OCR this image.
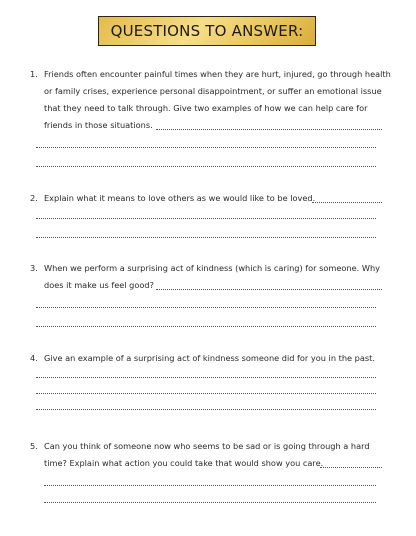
QUESTIONS TO ANSWER:
1. Friends often encounter painful times when they are hurt, injured, go through health
or family crises, experience personal disappointment, or suffer an emotional issue
that they need to talk through. Give two examples of how we can help care for
friends in those situations.
2. Explain what it means to love others as we would like to be loved.
3. When we perform a surprising act of kindness (which is caring) for someone. Why
does it make us feel good?
4. Give an example of a surprising act of kindness someone did for you in the past.
5. Can you think of someone now who seems to be sad or is going through a hard
time? Explain what action you could take that would show you care.
